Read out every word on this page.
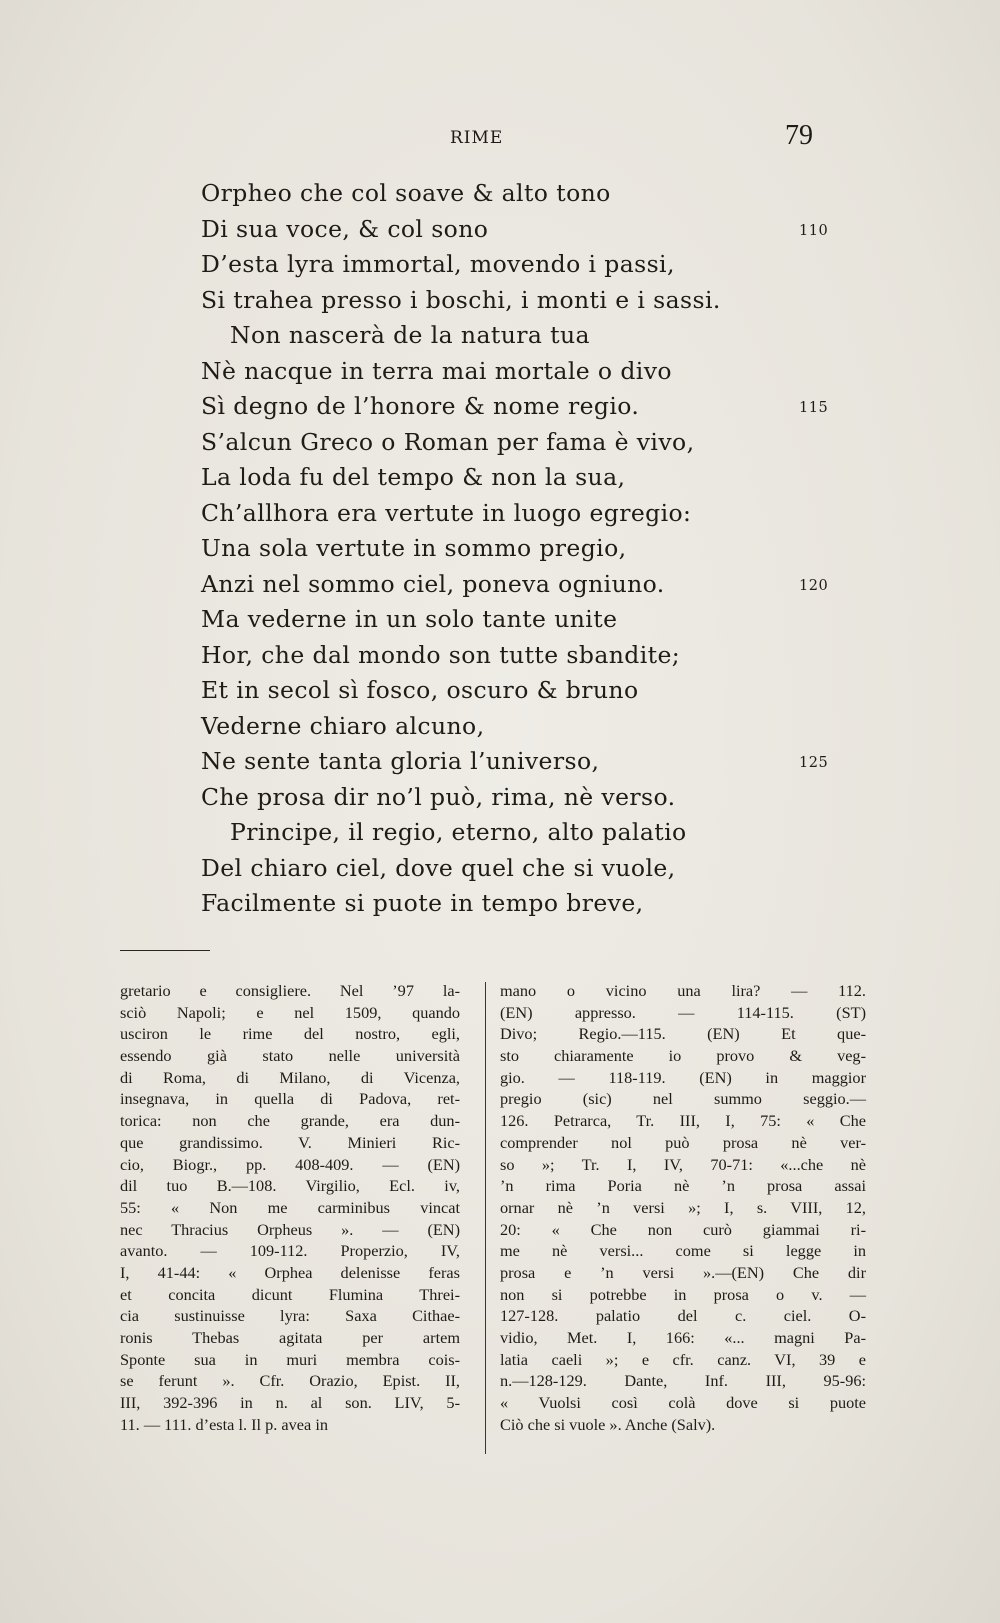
RIME	79
Orpheo che col soave & alto tono
Di sua voce, & col sono	110
D’esta lyra immortal, movendo i passi,
Si trahea presso i boschi, i monti e i sassi.
Non nascerà de la natura tua
Nè nacque in terra mai mortale o divo
Sì degno de l’honore & nome regio.	115
S’alcun Greco o Roman per fama è vivo,
La loda fu del tempo & non la sua,
Ch’allhora era vertute in luogo egregio:
Una sola vertute in sommo pregio,
Anzi nel sommo ciel, poneva ogniuno.	120
Ma vederne in un solo tante unite
Hor, che dal mondo son tutte sbandite;
Et in secol sì fosco, oscuro & bruno
Vederne chiaro alcuno,
Ne sente tanta gloria l’universo,	125
Che prosa dir no’l può, rima, nè verso.
Principe, il regio, eterno, alto palatio
Del chiaro ciel, dove quel che si vuole,
Facilmente si puote in tempo breve,
gretario e consigliere. Nel ’97 la-
sciò Napoli; e nel 1509, quando
usciron le rime del nostro, egli,
essendo già stato nelle università
di Roma, di Milano, di Vicenza,
insegnava, in quella di Padova, ret-
torica: non che grande, era dun-
que grandissimo. V. Minieri Ric-
cio, Biogr., pp. 408-409. — (EN)
dil tuo B.—108. Virgilio, Ecl. iv,
55: « Non me carminibus vincat
nec Thracius Orpheus ». — (EN)
avanto. — 109-112. Properzio, IV,
I, 41-44: « Orphea delenisse feras
et concita dicunt Flumina Threi-
cia sustinuisse lyra: Saxa Cithae-
ronis Thebas agitata per artem
Sponte sua in muri membra cois-
se ferunt ». Cfr. Orazio, Epist. II,
III, 392-396 in n. al son. LIV, 5-
11. — 111. d’esta l. Il p. avea in
mano o vicino una lira? — 112.
(EN) appresso. — 114-115. (ST)
Divo; Regio.—115. (EN) Et que-
sto chiaramente io provo & veg-
gio. — 118-119. (EN) in maggior
pregio (sic) nel summo seggio.—
126. Petrarca, Tr. III, I, 75: « Che
comprender nol può prosa nè ver-
so »; Tr. I, IV, 70-71: «...che nè
’n rima Poria nè ’n prosa assai
ornar nè ’n versi »; I, s. VIII, 12,
20: « Che non curò giammai ri-
me nè versi... come si legge in
prosa e ’n versi ».—(EN) Che dir
non si potrebbe in prosa o v. —
127-128. palatio del c. ciel. O-
vidio, Met. I, 166: «... magni Pa-
latia caeli »; e cfr. canz. VI, 39 e
n.—128-129. Dante, Inf. III, 95-96:
« Vuolsi così colà dove si puote
Ciò che si vuole ». Anche (Salv).
